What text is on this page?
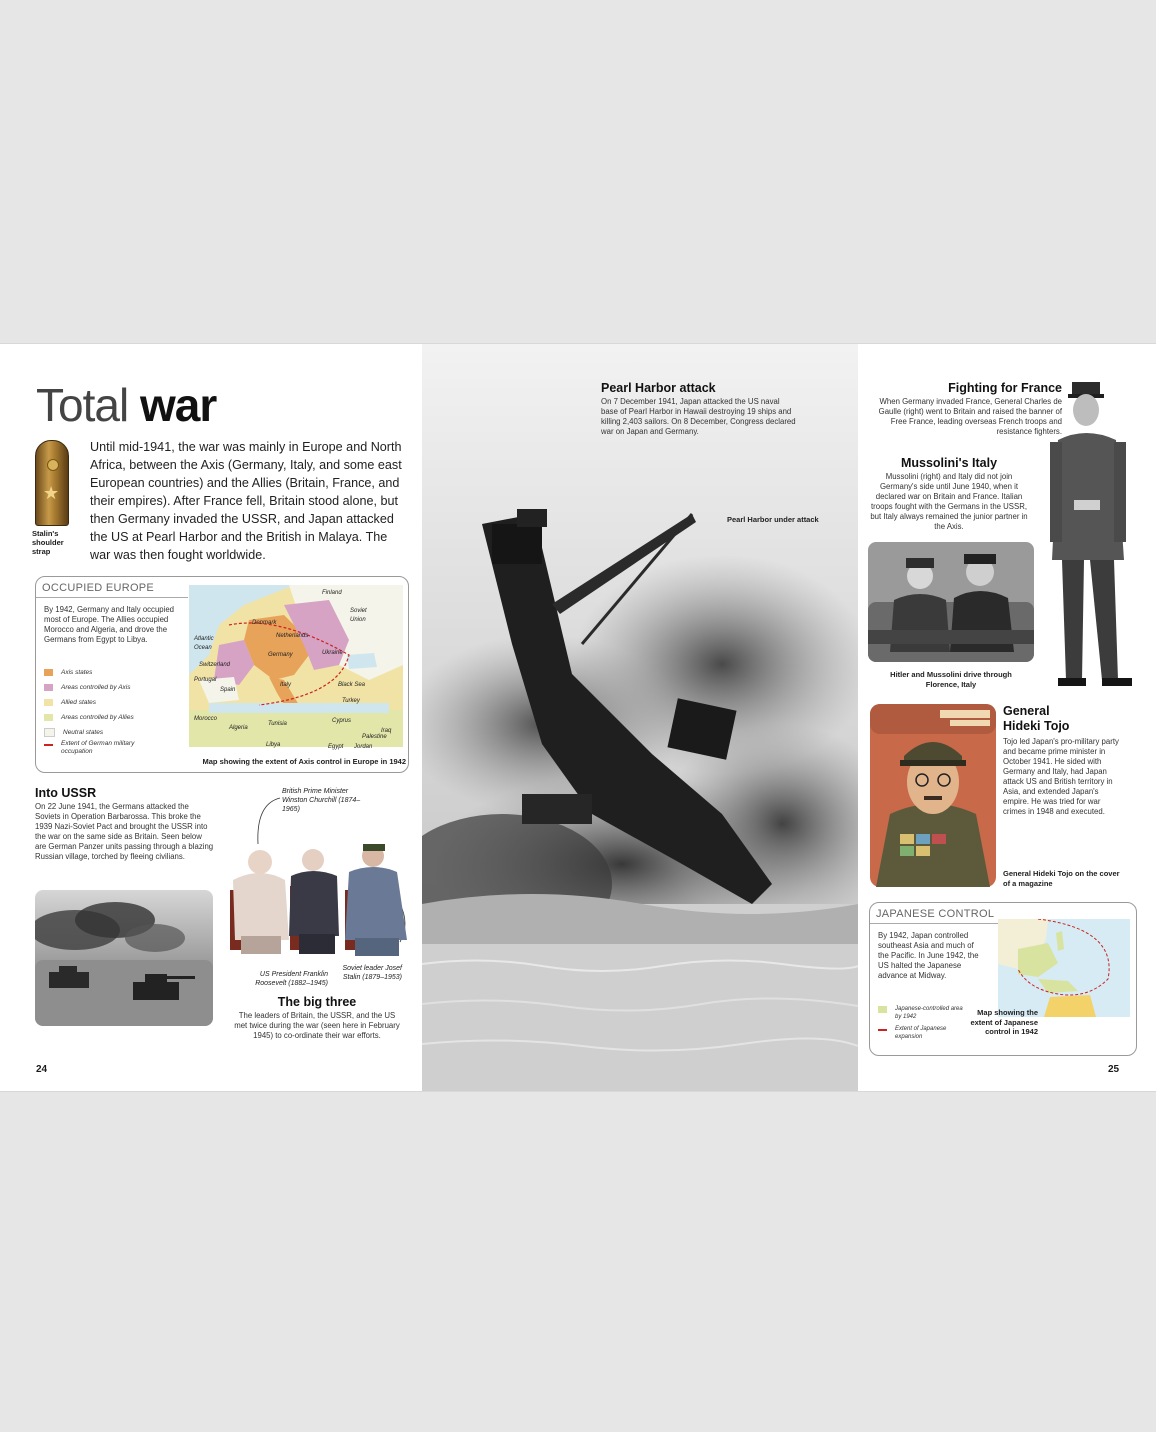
Total war
★
Stalin's shoulder strap
Until mid-1941, the war was mainly in Europe and North Africa, between the Axis (Germany, Italy, and some east European countries) and the Allies (Britain, France, and their empires). After France fell, Britain stood alone, but then Germany invaded the USSR, and Japan attacked the US at Pearl Harbor and the British in Malaya. The war was then fought worldwide.
OCCUPIED EUROPE
By 1942, Germany and Italy occupied most of Europe. The Allies occupied Morocco and Algeria, and drove the Germans from Egypt to Libya.
Axis states
Areas controlled by Axis
Allied states
Areas controlled by Allies
Neutral states
Extent of German military occupation
Finland
Soviet Union
Denmark
Netherlands
Atlantic Ocean
Germany	Ukraine
Switzerland
Portugal
Spain
Italy	Black Sea
Turkey
Morocco
Algeria
Tunisia
Libya
Cyprus
Iraq
Palestine
Egypt Jordan
Map showing the extent of Axis control in Europe in 1942
Into USSR
On 22 June 1941, the Germans attacked the Soviets in Operation Barbarossa. This broke the 1939 Nazi-Soviet Pact and brought the USSR into the war on the same side as Britain. Seen below are German Panzer units passing through a blazing Russian village, torched by fleeing civilians.
British Prime Minister Winston Churchill (1874–1965)
US President Franklin Roosevelt (1882–1945)
Soviet leader Josef Stalin (1879–1953)
The big three
The leaders of Britain, the USSR, and the US met twice during the war (seen here in February 1945) to co-ordinate their war efforts.
24
Pearl Harbor attack
On 7 December 1941, Japan attacked the US naval base of Pearl Harbor in Hawaii destroying 19 ships and killing 2,403 sailors. On 8 December, Congress declared war on Japan and Germany.
Pearl Harbor under attack
Fighting for France
When Germany invaded France, General Charles de Gaulle (right) went to Britain and raised the banner of Free France, leading overseas French troops and resistance fighters.
Mussolini's Italy
Mussolini (right) and Italy did not join Germany's side until June 1940, when it declared war on Britain and France. Italian troops fought with the Germans in the USSR, but Italy always remained the junior partner in the Axis.
Hitler and Mussolini drive through Florence, Italy
General
Hideki Tojo
Tojo led Japan's pro-military party and became prime minister in October 1941. He sided with Germany and Italy, had Japan attack US and British territory in Asia, and extended Japan's empire. He was tried for war crimes in 1948 and executed.
General Hideki Tojo on the cover of a magazine
JAPANESE CONTROL
By 1942, Japan controlled southeast Asia and much of the Pacific. In June 1942, the US halted the Japanese advance at Midway.
Japanese-controlled area by 1942
Extent of Japanese expansion
Map showing the extent of Japanese control in 1942
25
